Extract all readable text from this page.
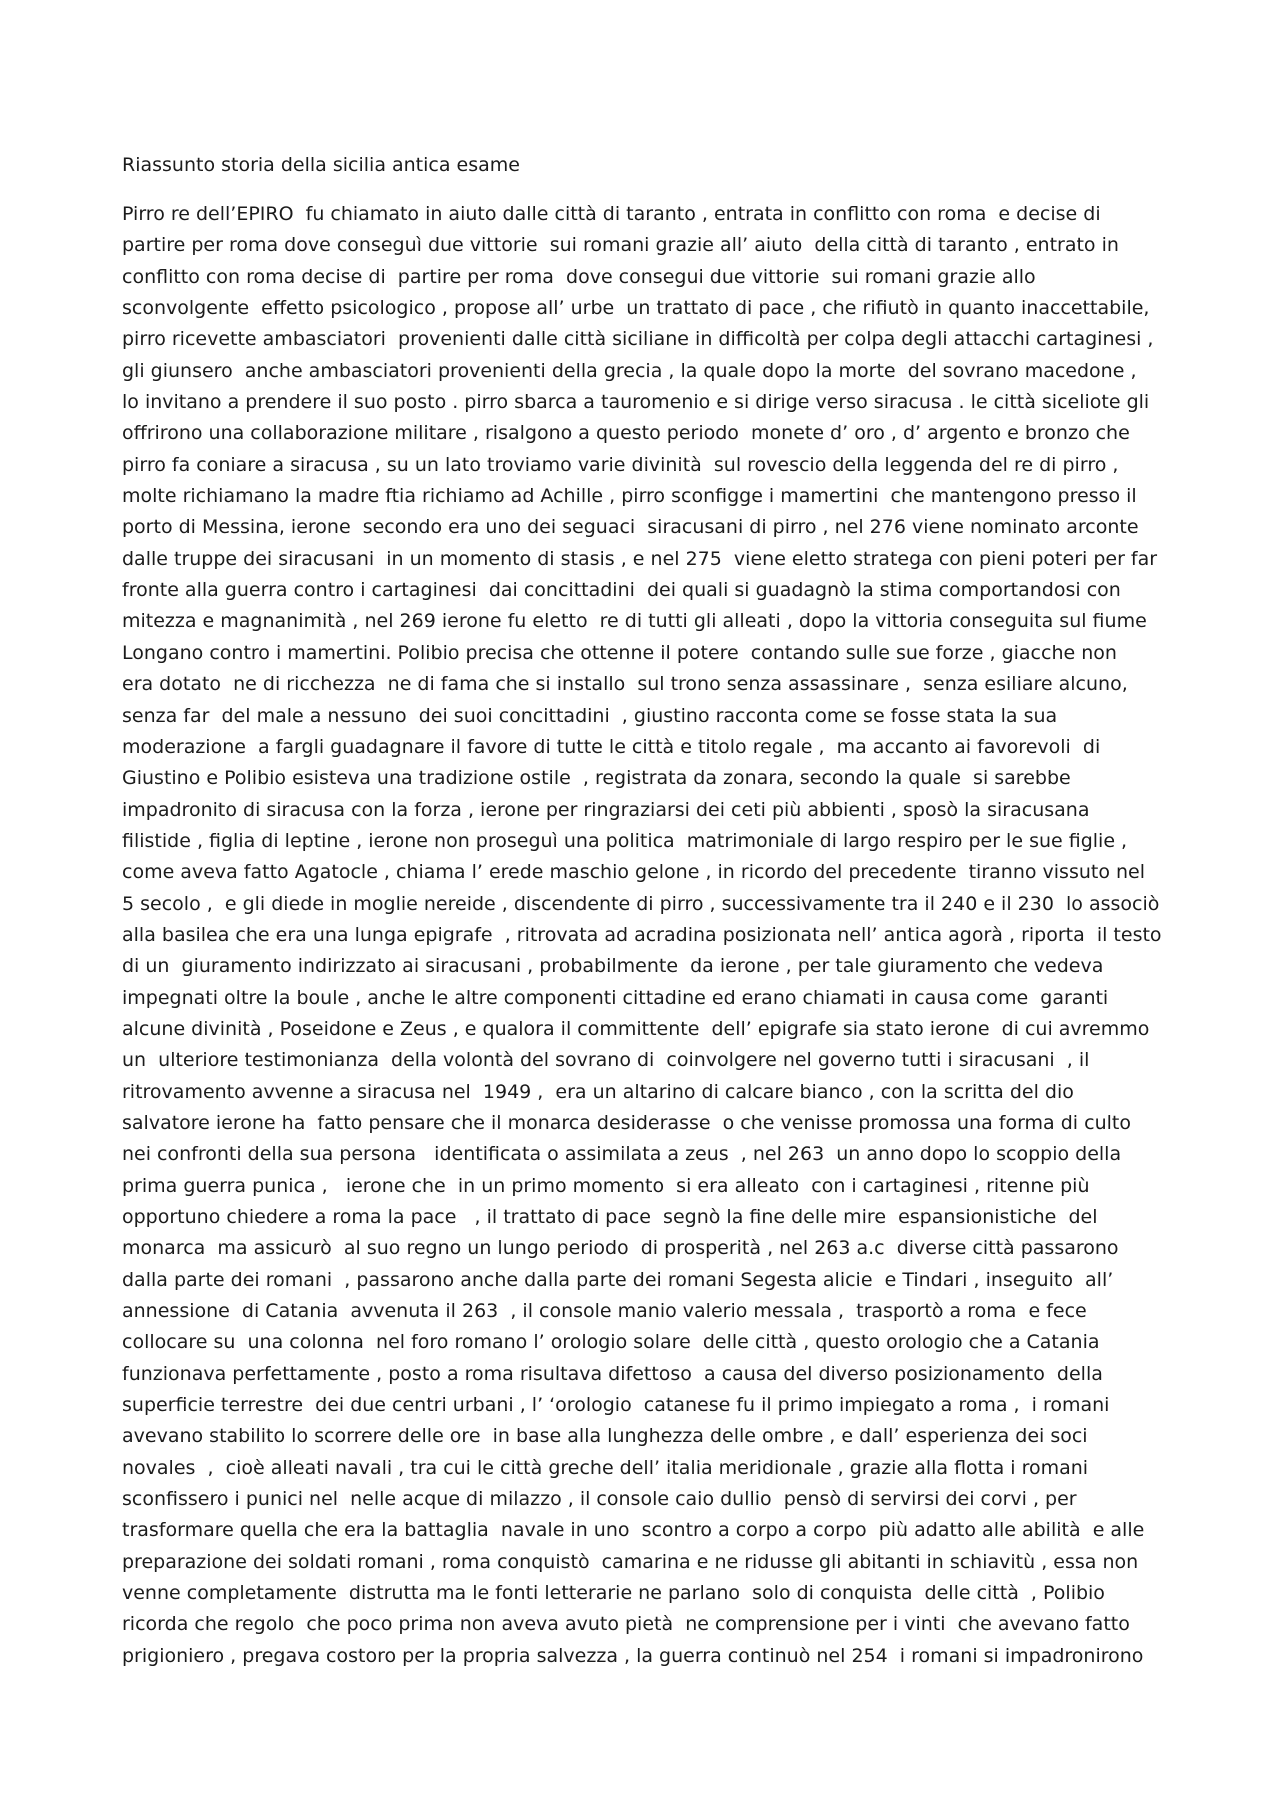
Riassunto storia della sicilia antica esame

Pirro re dell’EPIRO  fu chiamato in aiuto dalle città di taranto , entrata in conflitto con roma  e decise di
partire per roma dove conseguì due vittorie  sui romani grazie all’ aiuto  della città di taranto , entrato in
conflitto con roma decise di  partire per roma  dove consegui due vittorie  sui romani grazie allo
sconvolgente  effetto psicologico , propose all’ urbe  un trattato di pace , che rifiutò in quanto inaccettabile,
pirro ricevette ambasciatori  provenienti dalle città siciliane in difficoltà per colpa degli attacchi cartaginesi ,
gli giunsero  anche ambasciatori provenienti della grecia , la quale dopo la morte  del sovrano macedone ,
lo invitano a prendere il suo posto . pirro sbarca a tauromenio e si dirige verso siracusa . le città siceliote gli
offrirono una collaborazione militare , risalgono a questo periodo  monete d’ oro , d’ argento e bronzo che
pirro fa coniare a siracusa , su un lato troviamo varie divinità  sul rovescio della leggenda del re di pirro ,
molte richiamano la madre ftia richiamo ad Achille , pirro sconfigge i mamertini  che mantengono presso il
porto di Messina, ierone  secondo era uno dei seguaci  siracusani di pirro , nel 276 viene nominato arconte
dalle truppe dei siracusani  in un momento di stasis , e nel 275  viene eletto stratega con pieni poteri per far
fronte alla guerra contro i cartaginesi  dai concittadini  dei quali si guadagnò la stima comportandosi con
mitezza e magnanimità , nel 269 ierone fu eletto  re di tutti gli alleati , dopo la vittoria conseguita sul fiume
Longano contro i mamertini. Polibio precisa che ottenne il potere  contando sulle sue forze , giacche non
era dotato  ne di ricchezza  ne di fama che si installo  sul trono senza assassinare ,  senza esiliare alcuno,
senza far  del male a nessuno  dei suoi concittadini  , giustino racconta come se fosse stata la sua
moderazione  a fargli guadagnare il favore di tutte le città e titolo regale ,  ma accanto ai favorevoli  di
Giustino e Polibio esisteva una tradizione ostile  , registrata da zonara, secondo la quale  si sarebbe
impadronito di siracusa con la forza , ierone per ringraziarsi dei ceti più abbienti , sposò la siracusana
filistide , figlia di leptine , ierone non proseguì una politica  matrimoniale di largo respiro per le sue figlie ,
come aveva fatto Agatocle , chiama l’ erede maschio gelone , in ricordo del precedente  tiranno vissuto nel
5 secolo ,  e gli diede in moglie nereide , discendente di pirro , successivamente tra il 240 e il 230  lo associò
alla basilea che era una lunga epigrafe  , ritrovata ad acradina posizionata nell’ antica agorà , riporta  il testo
di un  giuramento indirizzato ai siracusani , probabilmente  da ierone , per tale giuramento che vedeva
impegnati oltre la boule , anche le altre componenti cittadine ed erano chiamati in causa come  garanti
alcune divinità , Poseidone e Zeus , e qualora il committente  dell’ epigrafe sia stato ierone  di cui avremmo
un  ulteriore testimonianza  della volontà del sovrano di  coinvolgere nel governo tutti i siracusani  , il
ritrovamento avvenne a siracusa nel  1949 ,  era un altarino di calcare bianco , con la scritta del dio
salvatore ierone ha  fatto pensare che il monarca desiderasse  o che venisse promossa una forma di culto
nei confronti della sua persona   identificata o assimilata a zeus  , nel 263  un anno dopo lo scoppio della
prima guerra punica ,   ierone che  in un primo momento  si era alleato  con i cartaginesi , ritenne più
opportuno chiedere a roma la pace   , il trattato di pace  segnò la fine delle mire  espansionistiche  del
monarca  ma assicurò  al suo regno un lungo periodo  di prosperità , nel 263 a.c  diverse città passarono
dalla parte dei romani  , passarono anche dalla parte dei romani Segesta alicie  e Tindari , inseguito  all’
annessione  di Catania  avvenuta il 263  , il console manio valerio messala ,  trasportò a roma  e fece
collocare su  una colonna  nel foro romano l’ orologio solare  delle città , questo orologio che a Catania
funzionava perfettamente , posto a roma risultava difettoso  a causa del diverso posizionamento  della
superficie terrestre  dei due centri urbani , l’ ‘orologio  catanese fu il primo impiegato a roma ,  i romani
avevano stabilito lo scorrere delle ore  in base alla lunghezza delle ombre , e dall’ esperienza dei soci
novales  ,  cioè alleati navali , tra cui le città greche dell’ italia meridionale , grazie alla flotta i romani
sconfissero i punici nel  nelle acque di milazzo , il console caio dullio  pensò di servirsi dei corvi , per
trasformare quella che era la battaglia  navale in uno  scontro a corpo a corpo  più adatto alle abilità  e alle
preparazione dei soldati romani , roma conquistò  camarina e ne ridusse gli abitanti in schiavitù , essa non
venne completamente  distrutta ma le fonti letterarie ne parlano  solo di conquista  delle città  , Polibio
ricorda che regolo  che poco prima non aveva avuto pietà  ne comprensione per i vinti  che avevano fatto
prigioniero , pregava costoro per la propria salvezza , la guerra continuò nel 254  i romani si impadronirono
